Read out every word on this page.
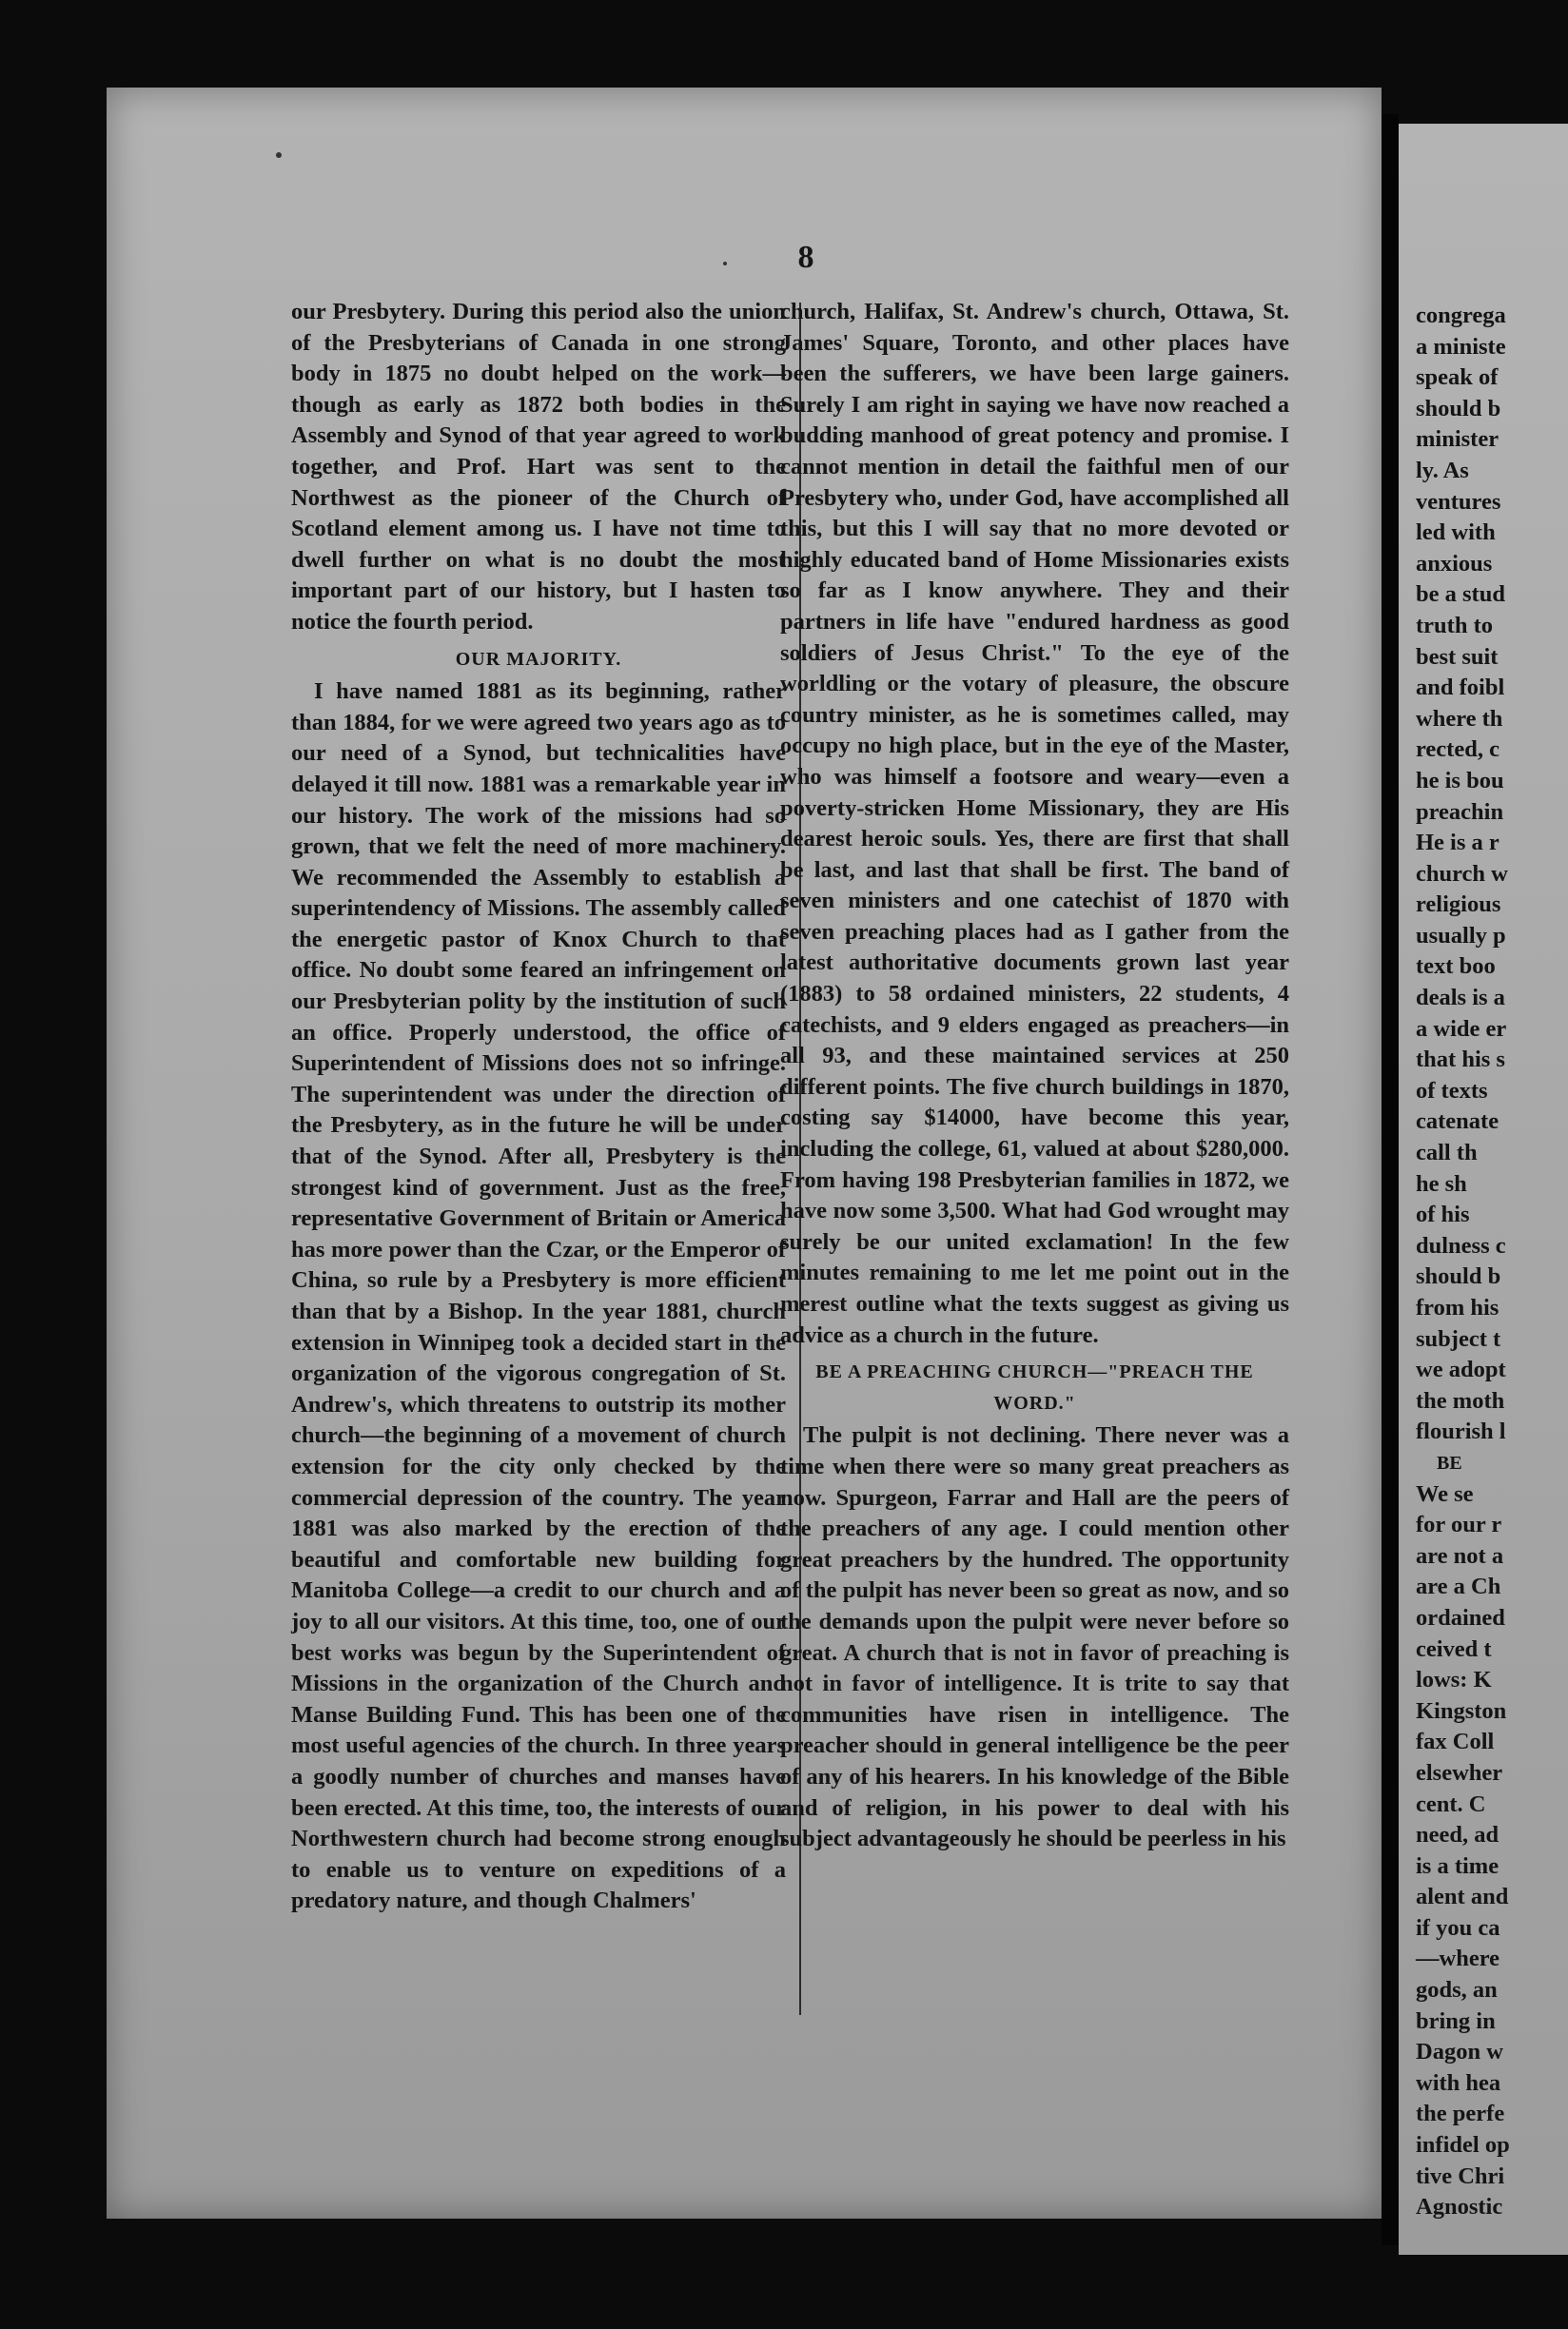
8

our Presbytery. During this period also the union of the Presbyterians of Canada in one strong body in 1875 no doubt helped on the work—though as early as 1872 both bodies in the Assembly and Synod of that year agreed to work together, and Prof. Hart was sent to the Northwest as the pioneer of the Church of Scotland element among us. I have not time to dwell further on what is no doubt the most important part of our history, but I hasten to notice the fourth period.

OUR MAJORITY.

I have named 1881 as its beginning, rather than 1884, for we were agreed two years ago as to our need of a Synod, but technicalities have delayed it till now. 1881 was a remarkable year in our history. The work of the missions had so grown, that we felt the need of more machinery. We recommended the Assembly to establish a superintendency of Missions. The assembly called the energetic pastor of Knox Church to that office. No doubt some feared an infringement on our Presbyterian polity by the institution of such an office. Properly understood, the office of Superintendent of Missions does not so infringe. The superintendent was under the direction of the Presbytery, as in the future he will be under that of the Synod. After all, Presbytery is the strongest kind of government. Just as the free, representative Government of Britain or America has more power than the Czar, or the Emperor of China, so rule by a Presbytery is more efficient than that by a Bishop. In the year 1881, church extension in Winnipeg took a decided start in the organization of the vigorous congregation of St. Andrew's, which threatens to outstrip its mother church—the beginning of a movement of church extension for the city only checked by the commercial depression of the country. The year 1881 was also marked by the erection of the beautiful and comfortable new building for Manitoba College—a credit to our church and a joy to all our visitors. At this time, too, one of our best works was begun by the Superintendent of Missions in the organization of the Church and Manse Building Fund. This has been one of the most useful agencies of the church. In three years a goodly number of churches and manses have been erected. At this time, too, the interests of our Northwestern church had become strong enough to enable us to venture on expeditions of a predatory nature, and though Chalmers'

church, Halifax, St. Andrew's church, Ottawa, St. James' Square, Toronto, and other places have been the sufferers, we have been large gainers. Surely I am right in saying we have now reached a budding manhood of great potency and promise. I cannot mention in detail the faithful men of our Presbytery who, under God, have accomplished all this, but this I will say that no more devoted or highly educated band of Home Missionaries exists so far as I know anywhere. They and their partners in life have "endured hardness as good soldiers of Jesus Christ." To the eye of the worldling or the votary of pleasure, the obscure country minister, as he is sometimes called, may occupy no high place, but in the eye of the Master, who was himself a footsore and weary—even a poverty-stricken Home Missionary, they are His dearest heroic souls. Yes, there are first that shall be last, and last that shall be first. The band of seven ministers and one catechist of 1870 with seven preaching places had as I gather from the latest authoritative documents grown last year (1883) to 58 ordained ministers, 22 students, 4 catechists, and 9 elders engaged as preachers—in all 93, and these maintained services at 250 different points. The five church buildings in 1870, costing say $14000, have become this year, including the college, 61, valued at about $280,000. From having 198 Presbyterian families in 1872, we have now some 3,500. What had God wrought may surely be our united exclamation! In the few minutes remaining to me let me point out in the merest outline what the texts suggest as giving us advice as a church in the future.

BE A PREACHING CHURCH—"PREACH THE WORD."

The pulpit is not declining. There never was a time when there were so many great preachers as now. Spurgeon, Farrar and Hall are the peers of the preachers of any age. I could mention other great preachers by the hundred. The opportunity of the pulpit has never been so great as now, and so the demands upon the pulpit were never before so great. A church that is not in favor of preaching is not in favor of intelligence. It is trite to say that communities have risen in intelligence. The preacher should in general intelligence be the peer of any of his hearers. In his knowledge of the Bible and of religion, in his power to deal with his subject advantageously he should be peerless in his

congrega
a ministe
speak of
should b
minister
ly. As
ventures
led with
anxious
be a stud
truth to
best suit
and foibl
where th
rected, c
he is bou
preachin
He is a r
church w
religious
usually p
text boo
deals is a
a wide er
that his s
of texts
catenate
call th
he sh
of his
dulness c
should b
from his
subject t
we adopt
the moth
flourish l
BE
We se
for our r
are not a
are a Ch
ordained
ceived t
lows: K
Kingston
fax Coll
elsewher
cent. C
need, ad
is a time
alent and
if you ca
—where
gods, an
bring in
Dagon w
with hea
the perfe
infidel op
tive Chri
Agnostic
